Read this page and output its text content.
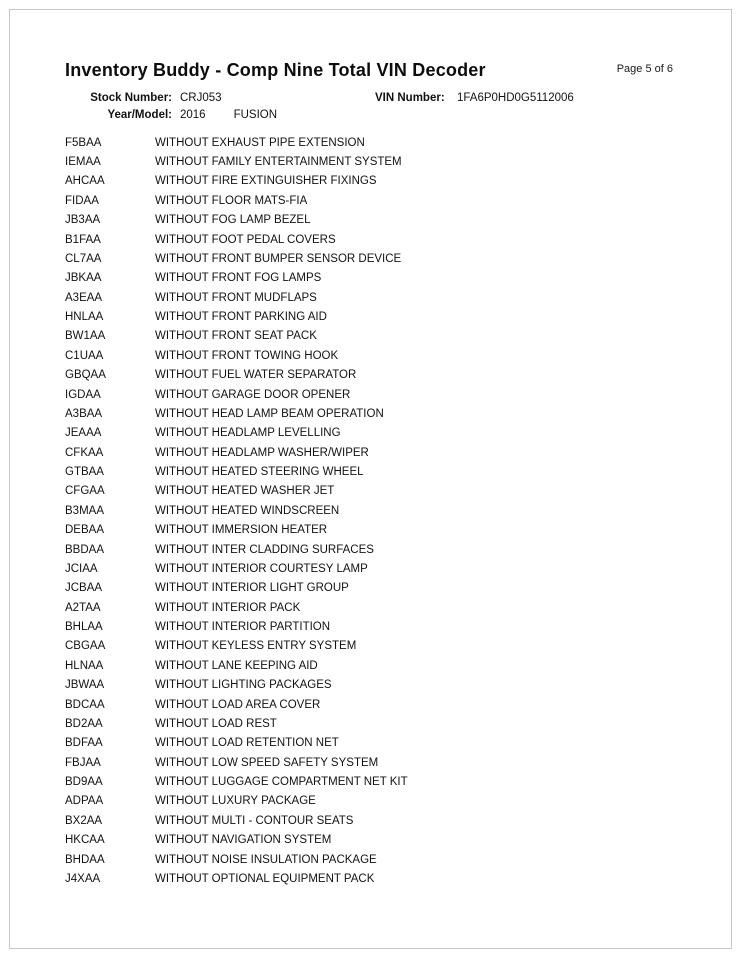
Inventory Buddy - Comp Nine Total VIN Decoder	Page 5 of 6
Stock Number: CRJ053	VIN Number: 1FA6P0HD0G5112006
Year/Model: 2016 FUSION
F5BAA	WITHOUT EXHAUST PIPE EXTENSION
IEMAA	WITHOUT FAMILY ENTERTAINMENT SYSTEM
AHCAA	WITHOUT FIRE EXTINGUISHER FIXINGS
FIDAA	WITHOUT FLOOR MATS-FIA
JB3AA	WITHOUT FOG LAMP BEZEL
B1FAA	WITHOUT FOOT PEDAL COVERS
CL7AA	WITHOUT FRONT BUMPER SENSOR DEVICE
JBKAA	WITHOUT FRONT FOG LAMPS
A3EAA	WITHOUT FRONT MUDFLAPS
HNLAA	WITHOUT FRONT PARKING AID
BW1AA	WITHOUT FRONT SEAT PACK
C1UAA	WITHOUT FRONT TOWING HOOK
GBQAA	WITHOUT FUEL WATER SEPARATOR
IGDAA	WITHOUT GARAGE DOOR OPENER
A3BAA	WITHOUT HEAD LAMP BEAM OPERATION
JEAAA	WITHOUT HEADLAMP LEVELLING
CFKAA	WITHOUT HEADLAMP WASHER/WIPER
GTBAA	WITHOUT HEATED STEERING WHEEL
CFGAA	WITHOUT HEATED WASHER JET
B3MAA	WITHOUT HEATED WINDSCREEN
DEBAA	WITHOUT IMMERSION HEATER
BBDAA	WITHOUT INTER CLADDING SURFACES
JCIAA	WITHOUT INTERIOR COURTESY LAMP
JCBAA	WITHOUT INTERIOR LIGHT GROUP
A2TAA	WITHOUT INTERIOR PACK
BHLAA	WITHOUT INTERIOR PARTITION
CBGAA	WITHOUT KEYLESS ENTRY SYSTEM
HLNAA	WITHOUT LANE KEEPING AID
JBWAA	WITHOUT LIGHTING PACKAGES
BDCAA	WITHOUT LOAD AREA COVER
BD2AA	WITHOUT LOAD REST
BDFAA	WITHOUT LOAD RETENTION NET
FBJAA	WITHOUT LOW SPEED SAFETY SYSTEM
BD9AA	WITHOUT LUGGAGE COMPARTMENT NET KIT
ADPAA	WITHOUT LUXURY PACKAGE
BX2AA	WITHOUT MULTI - CONTOUR SEATS
HKCAA	WITHOUT NAVIGATION SYSTEM
BHDAA	WITHOUT NOISE INSULATION PACKAGE
J4XAA	WITHOUT OPTIONAL EQUIPMENT PACK
